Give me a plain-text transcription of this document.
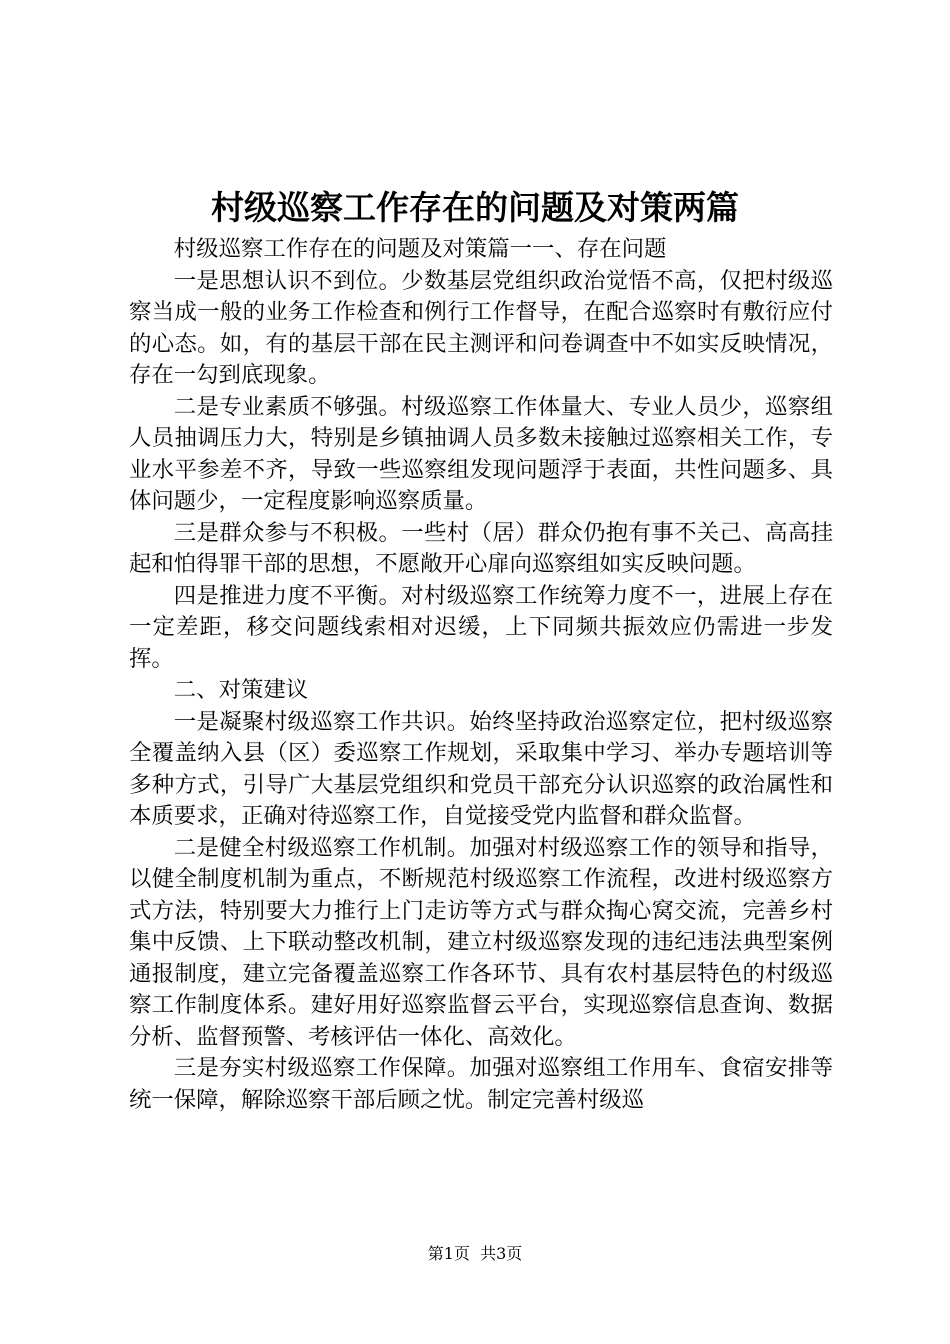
村级巡察工作存在的问题及对策两篇

村级巡察工作存在的问题及对策篇一一、存在问题

一是思想认识不到位。少数基层党组织政治觉悟不高，仅把村级巡察当成一般的业务工作检查和例行工作督导，在配合巡察时有敷衍应付的心态。如，有的基层干部在民主测评和问卷调查中不如实反映情况，存在一勾到底现象。

二是专业素质不够强。村级巡察工作体量大、专业人员少，巡察组人员抽调压力大，特别是乡镇抽调人员多数未接触过巡察相关工作，专业水平参差不齐，导致一些巡察组发现问题浮于表面，共性问题多、具体问题少，一定程度影响巡察质量。

三是群众参与不积极。一些村（居）群众仍抱有事不关己、高高挂起和怕得罪干部的思想，不愿敞开心扉向巡察组如实反映问题。

四是推进力度不平衡。对村级巡察工作统筹力度不一，进展上存在一定差距，移交问题线索相对迟缓，上下同频共振效应仍需进一步发挥。

二、对策建议

一是凝聚村级巡察工作共识。始终坚持政治巡察定位，把村级巡察全覆盖纳入县（区）委巡察工作规划，采取集中学习、举办专题培训等多种方式，引导广大基层党组织和党员干部充分认识巡察的政治属性和本质要求，正确对待巡察工作，自觉接受党内监督和群众监督。

二是健全村级巡察工作机制。加强对村级巡察工作的领导和指导，以健全制度机制为重点，不断规范村级巡察工作流程，改进村级巡察方式方法，特别要大力推行上门走访等方式与群众掏心窝交流，完善乡村集中反馈、上下联动整改机制，建立村级巡察发现的违纪违法典型案例通报制度，建立完备覆盖巡察工作各环节、具有农村基层特色的村级巡察工作制度体系。建好用好巡察监督云平台，实现巡察信息查询、数据分析、监督预警、考核评估一体化、高效化。

三是夯实村级巡察工作保障。加强对巡察组工作用车、食宿安排等统一保障，解除巡察干部后顾之忧。制定完善村级巡

第1页 共3页
